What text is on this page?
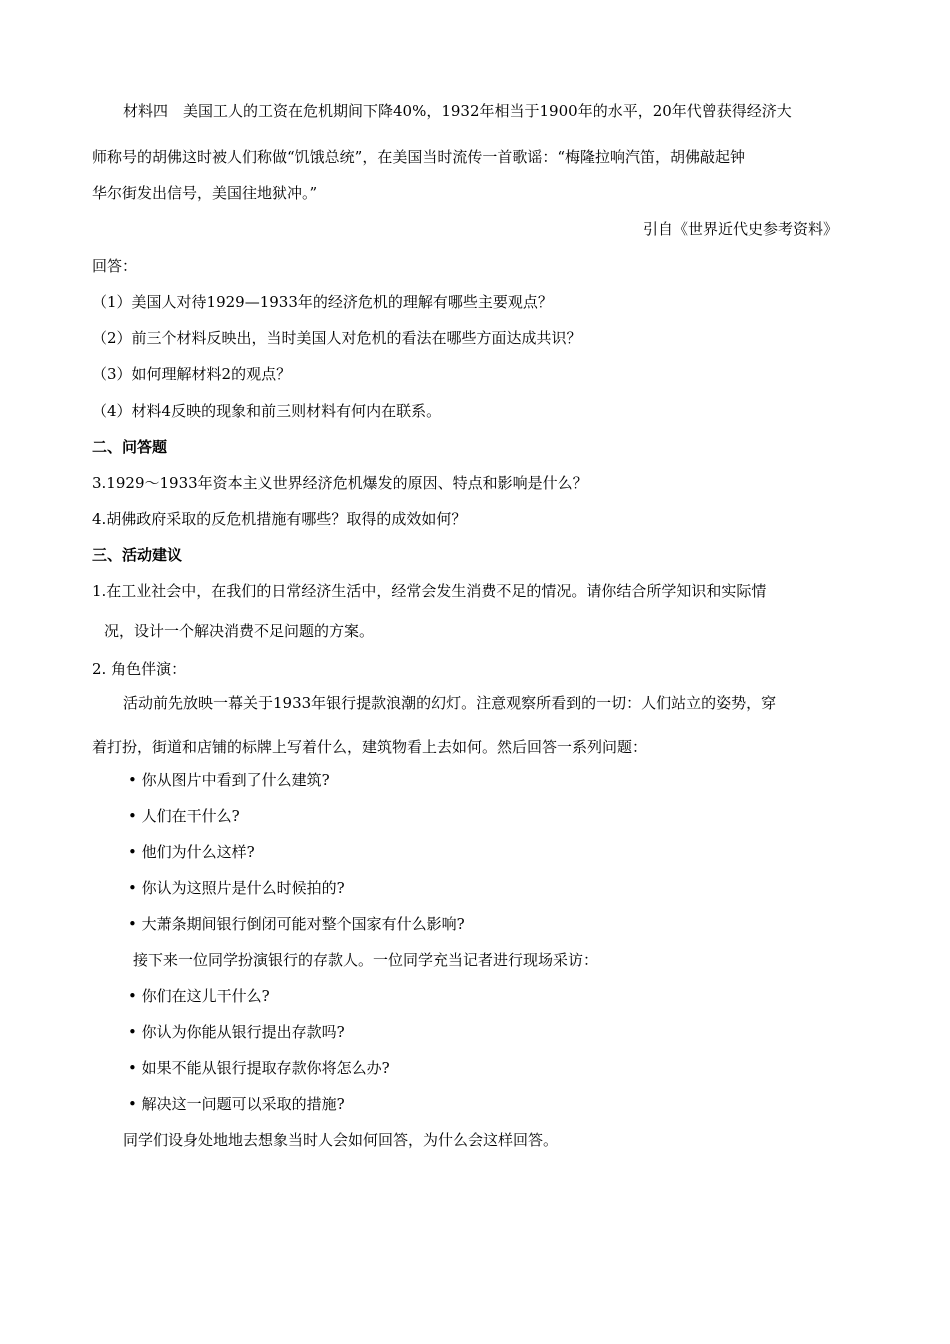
材料四　美国工人的工资在危机期间下降40%，1932年相当于1900年的水平，20年代曾获得经济大
师称号的胡佛这时被人们称做“饥饿总统”，在美国当时流传一首歌谣：“梅隆拉响汽笛，胡佛敲起钟
华尔街发出信号，美国往地狱冲。”
引自《世界近代史参考资料》
回答：
（1）美国人对待1929—1933年的经济危机的理解有哪些主要观点？
（2）前三个材料反映出，当时美国人对危机的看法在哪些方面达成共识？
（3）如何理解材料2的观点？
（4）材料4反映的现象和前三则材料有何内在联系。
二、问答题
3.1929～1933年资本主义世界经济危机爆发的原因、特点和影响是什么？
4.胡佛政府采取的反危机措施有哪些？取得的成效如何？
三、活动建议
1.在工业社会中，在我们的日常经济生活中，经常会发生消费不足的情况。请你结合所学知识和实际情
况，设计一个解决消费不足问题的方案。
2. 角色伴演：
活动前先放映一幕关于1933年银行提款浪潮的幻灯。注意观察所看到的一切：人们站立的姿势，穿
着打扮，街道和店铺的标牌上写着什么，建筑物看上去如何。然后回答一系列问题：
• 你从图片中看到了什么建筑?
• 人们在干什么?
• 他们为什么这样?
• 你认为这照片是什么时候拍的?
• 大萧条期间银行倒闭可能对整个国家有什么影响?
接下来一位同学扮演银行的存款人。一位同学充当记者进行现场采访：
• 你们在这儿干什么?
• 你认为你能从银行提出存款吗?
• 如果不能从银行提取存款你将怎么办?
• 解决这一问题可以采取的措施?
同学们设身处地地去想象当时人会如何回答，为什么会这样回答。
